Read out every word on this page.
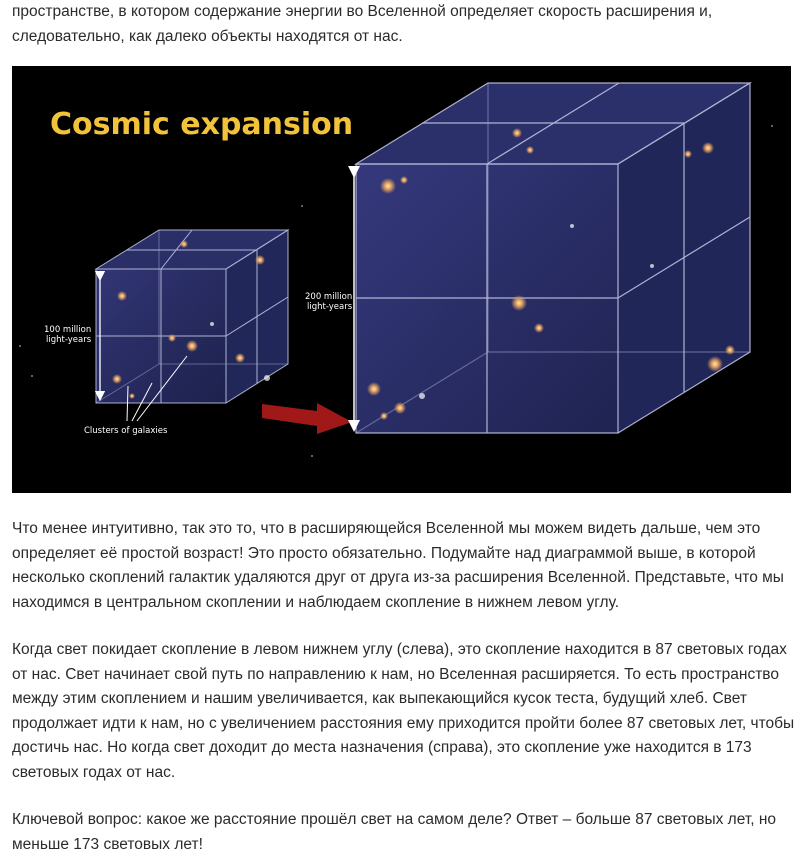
пространстве, в котором содержание энергии во Вселенной определяет скорость расширения и, следовательно, как далеко объекты находятся от нас.

Cosmic expansion
100 million
light-years
Clusters of galaxies
200 million
light-years

Что менее интуитивно, так это то, что в расширяющейся Вселенной мы можем видеть дальше, чем это определяет её простой возраст! Это просто обязательно. Подумайте над диаграммой выше, в которой несколько скоплений галактик удаляются друг от друга из-за расширения Вселенной. Представьте, что мы находимся в центральном скоплении и наблюдаем скопление в нижнем левом углу.

Когда свет покидает скопление в левом нижнем углу (слева), это скопление находится в 87 световых годах от нас. Свет начинает свой путь по направлению к нам, но Вселенная расширяется. То есть пространство между этим скоплением и нашим увеличивается, как выпекающийся кусок теста, будущий хлеб. Свет продолжает идти к нам, но с увеличением расстояния ему приходится пройти более 87 световых лет, чтобы достичь нас. Но когда свет доходит до места назначения (справа), это скопление уже находится в 173 световых годах от нас.

Ключевой вопрос: какое же расстояние прошёл свет на самом деле? Ответ – больше 87 световых лет, но меньше 173 световых лет!
